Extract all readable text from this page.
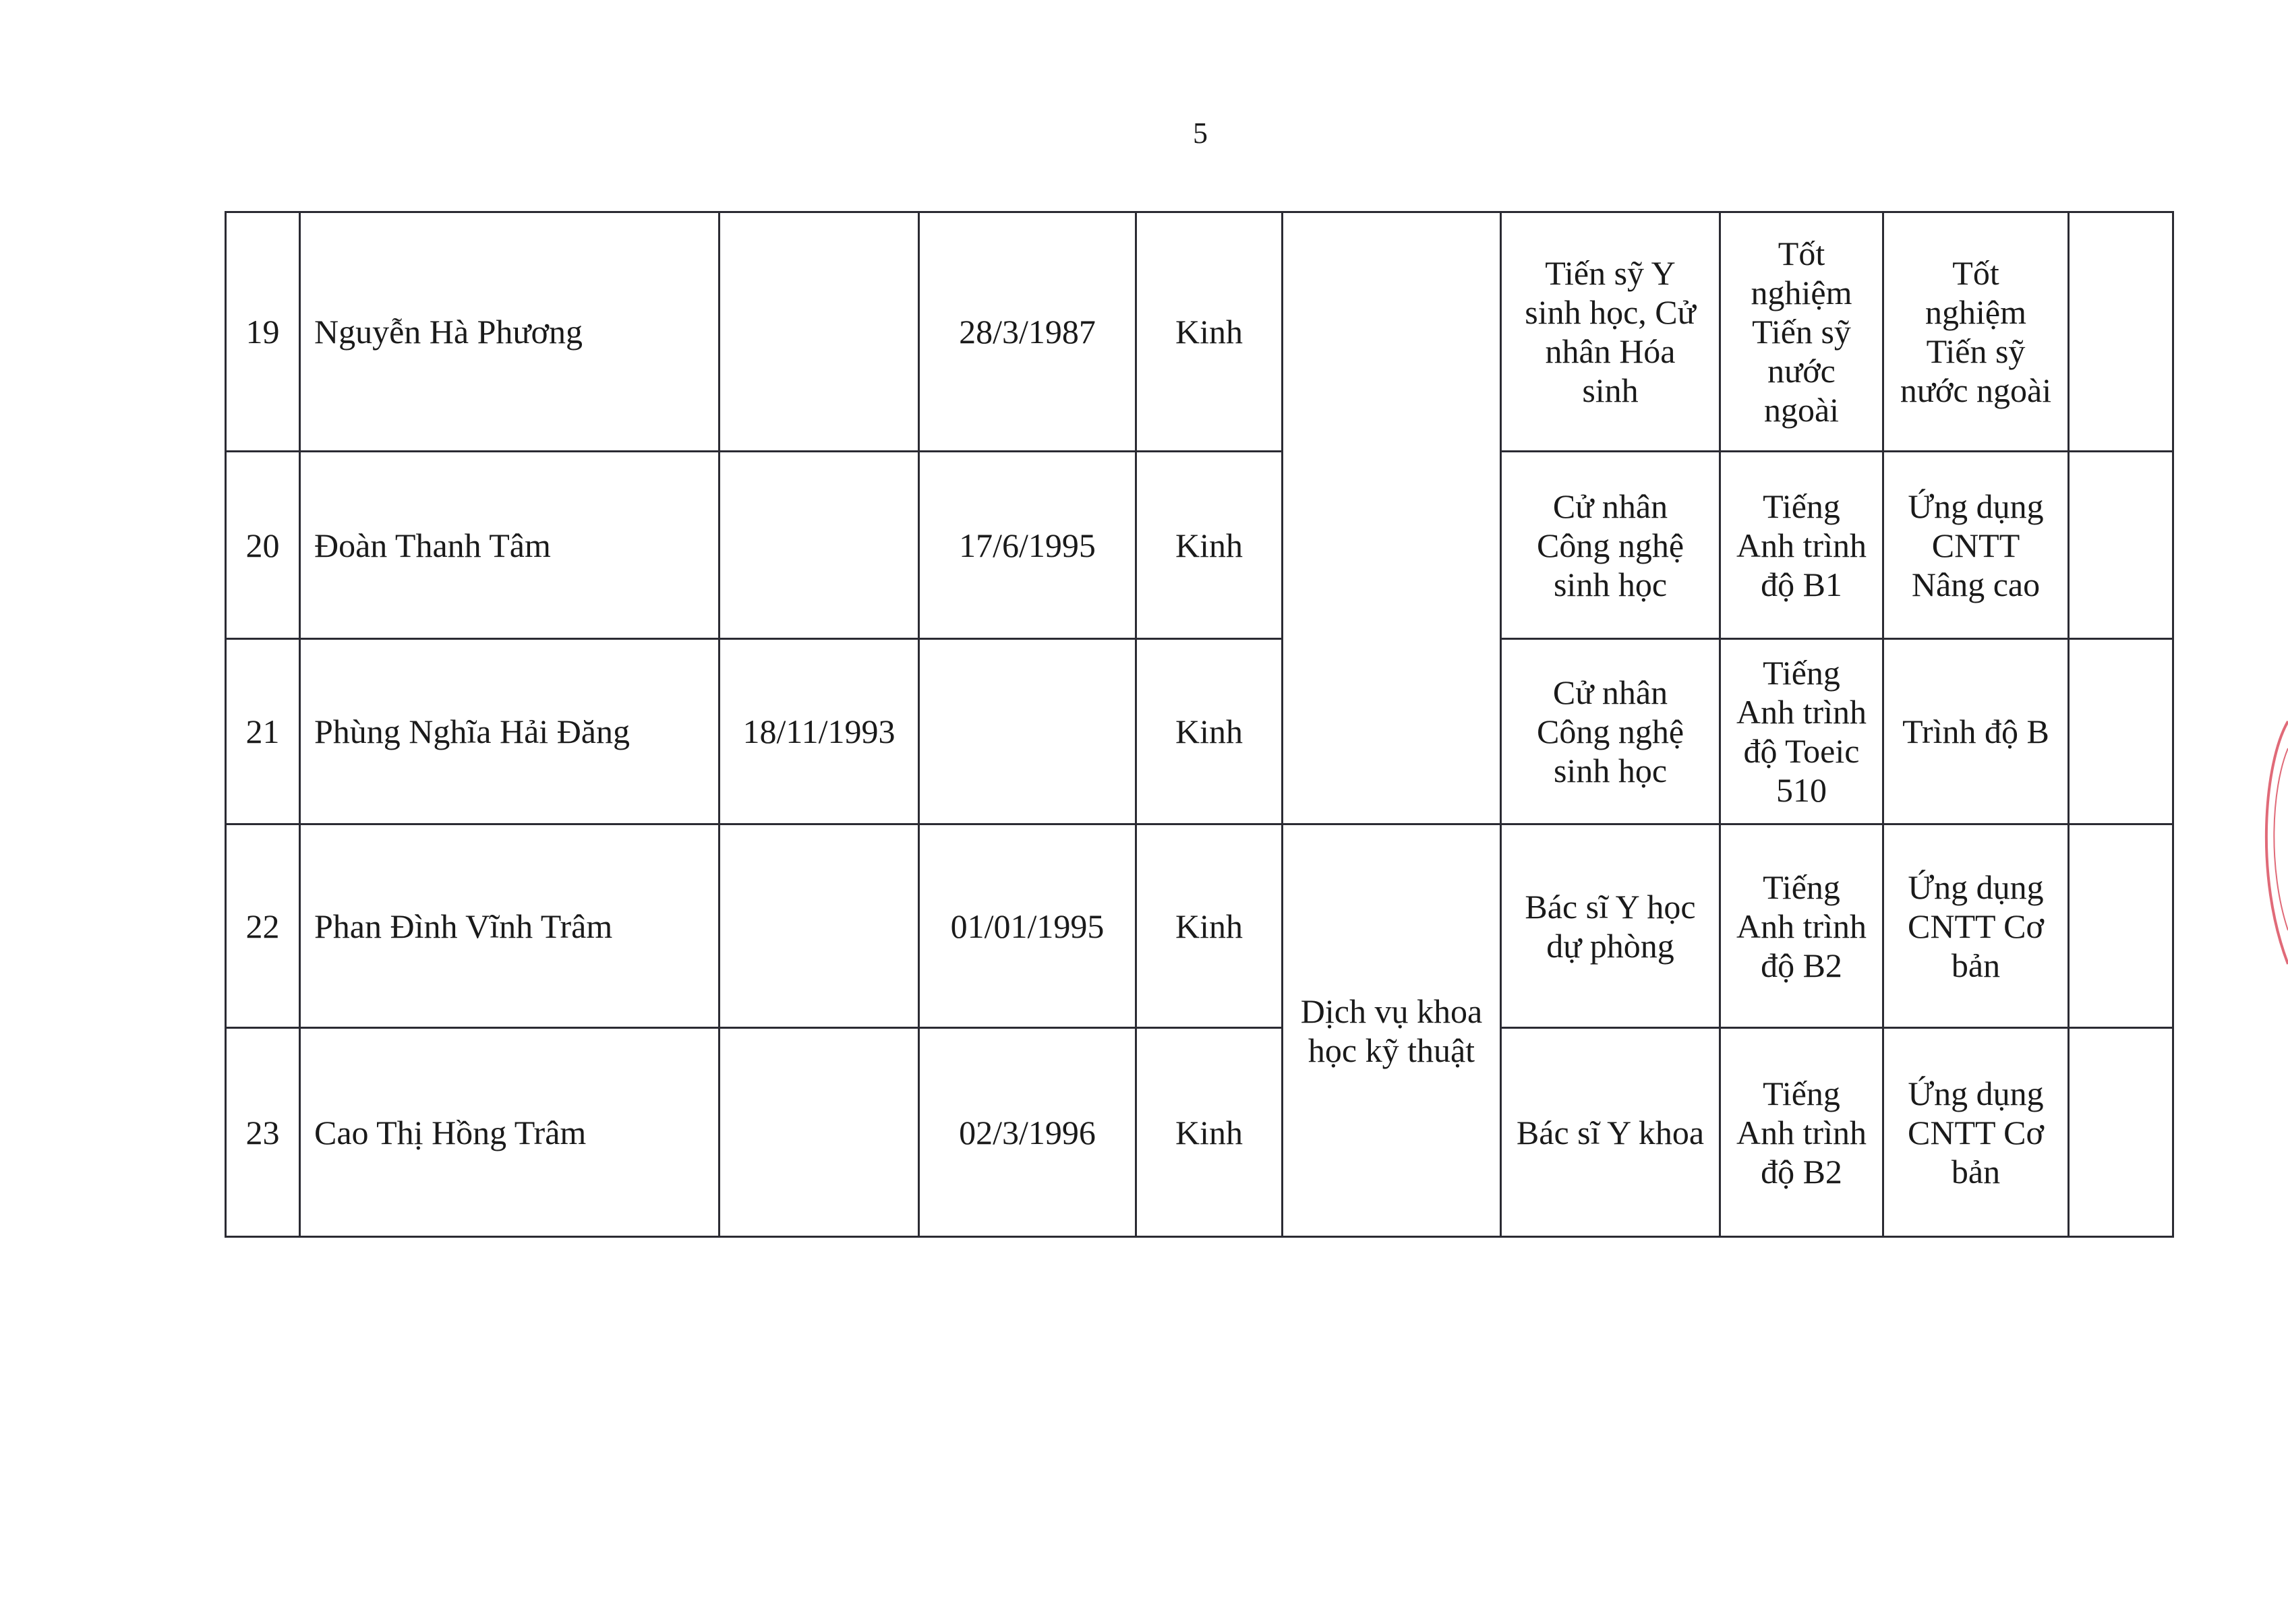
5
19	Nguyễn Hà Phương		28/3/1987	Kinh		Tiến sỹ Y
sinh học, Cử
nhân Hóa
sinh	Tốt
nghiệm
Tiến sỹ
nước
ngoài	Tốt
nghiệm
Tiến sỹ
nước ngoài	
20	Đoàn Thanh Tâm		17/6/1995	Kinh		Cử nhân
Công nghệ
sinh học	Tiếng
Anh trình
độ B1	Ứng dụng
CNTT
Nâng cao	
21	Phùng Nghĩa Hải Đăng	18/11/1993		Kinh		Cử nhân
Công nghệ
sinh học	Tiếng
Anh trình
độ Toeic
510	Trình độ B	
22	Phan Đình Vĩnh Trâm		01/01/1995	Kinh	Dịch vụ khoa
học kỹ thuật	Bác sĩ Y học
dự phòng	Tiếng
Anh trình
độ B2	Ứng dụng
CNTT Cơ
bản	
23	Cao Thị Hồng Trâm		02/3/1996	Kinh		Bác sĩ Y khoa	Tiếng
Anh trình
độ B2	Ứng dụng
CNTT Cơ
bản	
